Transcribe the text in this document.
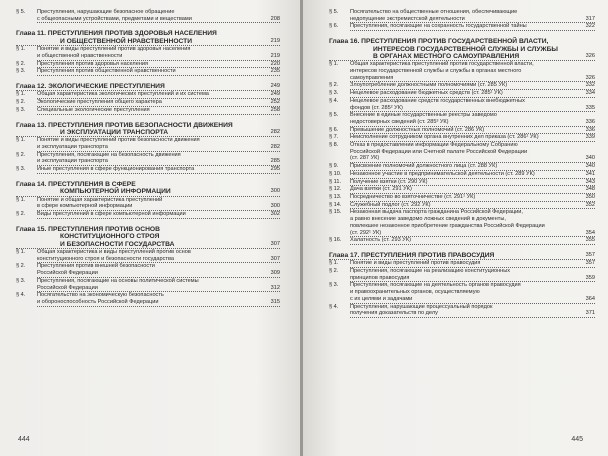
§ 5. Преступления, нарушающие безопасное обращение
с общеопасными устройствами, предметами и веществами	208
Глава 11. ПРЕСТУПЛЕНИЯ ПРОТИВ ЗДОРОВЬЯ НАСЕЛЕНИЯ
И ОБЩЕСТВЕННОЙ НРАВСТВЕННОСТИ	219
§ 1. Понятие и виды преступлений против здоровья населения
и общественной нравственности	219
§ 2. Преступления против здоровья населения	220
§ 3. Преступления против общественной нравственности	235
Глава 12. ЭКОЛОГИЧЕСКИЕ ПРЕСТУПЛЕНИЯ	249
§ 1. Общая характеристика экологических преступлений и их система	249
§ 2. Экологические преступления общего характера	252
§ 3. Специальные экологические преступления	258
Глава 13. ПРЕСТУПЛЕНИЯ ПРОТИВ БЕЗОПАСНОСТИ ДВИЖЕНИЯ
И ЭКСПЛУАТАЦИИ ТРАНСПОРТА	282
§ 1. Понятие и виды преступлений против безопасности движения
и эксплуатации транспорта	282
§ 2. Преступления, посягающие на безопасность движения
и эксплуатации транспорта	285
§ 3. Иные преступления в сфере функционирования транспорта	295
Глава 14. ПРЕСТУПЛЕНИЯ В СФЕРЕ
КОМПЬЮТЕРНОЙ ИНФОРМАЦИИ	300
§ 1. Понятие и общая характеристика преступлений
в сфере компьютерной информации	300
§ 2. Виды преступлений в сфере компьютерной информации	302
Глава 15. ПРЕСТУПЛЕНИЯ ПРОТИВ ОСНОВ
КОНСТИТУЦИОННОГО СТРОЯ
И БЕЗОПАСНОСТИ ГОСУДАРСТВА	307
§ 1. Общая характеристика и виды преступлений против основ
конституционного строя и безопасности государства	307
§ 2. Преступления против внешней безопасности
Российской Федерации	309
§ 3. Преступления, посягающие на основы политической системы
Российской Федерации	312
§ 4. Посягательство на экономическую безопасность
и обороноспособность Российской Федерации	315
444
§ 5. Посягательство на общественные отношения, обеспечивающие
недопущение экстремистской деятельности	317
§ 6. Преступления, посягающие на сохранность государственной тайны	322
Глава 16. ПРЕСТУПЛЕНИЯ ПРОТИВ ГОСУДАРСТВЕННОЙ ВЛАСТИ,
ИНТЕРЕСОВ ГОСУДАРСТВЕННОЙ СЛУЖБЫ И СЛУЖБЫ
В ОРГАНАХ МЕСТНОГО САМОУПРАВЛЕНИЯ	326
§ 1. Общая характеристика преступлений против государственной власти,
интересов государственной службы и службы в органах местного
самоуправления	326
§ 2. Злоупотребление должностными полномочиями (ст. 285 УК)	332
§ 3. Нецелевое расходование бюджетных средств (ст. 285¹ УК)	334
§ 4. Нецелевое расходование средств государственных внебюджетных
фондов (ст. 285² УК)	335
§ 5. Внесение в единые государственные реестры заведомо
недостоверных сведений (ст. 285³ УК)	336
§ 6. Превышение должностных полномочий (ст. 286 УК)	336
§ 7. Неисполнение сотрудником органа внутренних дел приказа (ст. 286¹ УК)	339
§ 8. Отказ в предоставлении информации Федеральному Собранию
Российской Федерации или Счетной палате Российской Федерации
(ст. 287 УК)	340
§ 9. Присвоение полномочий должностного лица (ст. 288 УК)	340
§ 10. Незаконное участие в предпринимательской деятельности (ст. 289 УК)	341
§ 11. Получение взятки (ст. 290 УК)	343
§ 12. Дача взятки (ст. 291 УК)	348
§ 13. Посредничество во взяточничестве (ст. 291¹ УК)	350
§ 14. Служебный подлог (ст. 292 УК)	352
§ 15. Незаконная выдача паспорта гражданина Российской Федерации,
а равно внесение заведомо ложных сведений в документы,
повлекшее незаконное приобретение гражданства Российской Федерации
(ст. 292¹ УК)	354
§ 16. Халатность (ст. 293 УК)	355
Глава 17. ПРЕСТУПЛЕНИЯ ПРОТИВ ПРАВОСУДИЯ	357
§ 1. Понятие и виды преступлений против правосудия	357
§ 2. Преступления, посягающие на реализацию конституционных
принципов правосудия	359
§ 3. Преступления, посягающие на деятельность органов правосудия
и правоохранительных органов, осуществляемую
с их целями и задачами	364
§ 4. Преступления, нарушающие процессуальный порядок
получения доказательств по делу	371
445
